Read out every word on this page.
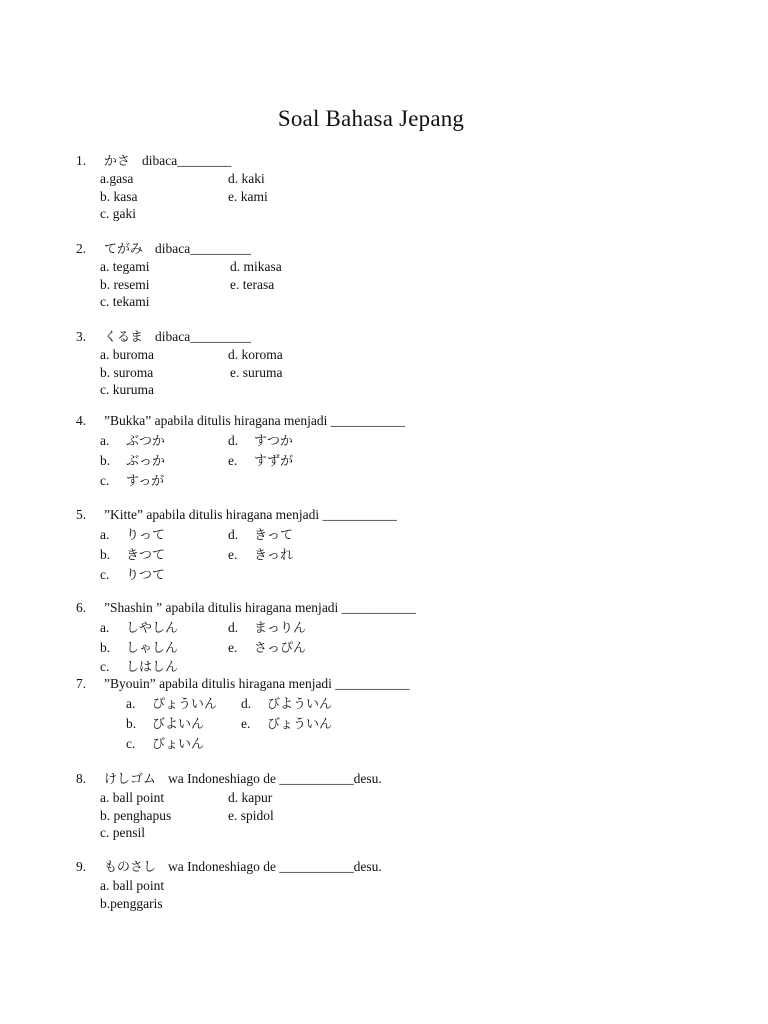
Soal Bahasa Jepang
1. かさ dibaca________
a.gasa	d. kaki
b. kasa	e. kami
c. gaki
2. てがみ dibaca_________
a. tegami	d. mikasa
b. resemi	e. terasa
c. tekami
3. くるま dibaca_________
a. buroma	d. koroma
b. suroma	e. suruma
c. kuruma
4. ”Bukka” apabila ditulis hiragana menjadi ___________
a. ぶつか	d. すつか
b. ぶっか	e. すずが
c. すっが
5. ”Kitte” apabila ditulis hiragana menjadi ___________
a. りって	d. きって
b. きつて	e. きっれ
c. りつて
6. ”Shashin ” apabila ditulis hiragana menjadi ___________
a. しやしん	d. まっりん
b. しゃしん	e. さっぴん
c. しはしん
7. ”Byouin” apabila ditulis hiragana menjadi ___________
a. ぴょういん	d. びよういん
b. びよいん	e. びょういん
c. びょいん
8. けしゴム wa Indoneshiago de ___________desu.
a. ball point	d. kapur
b. penghapus	e. spidol
c. pensil
9. ものさし wa Indoneshiago de ___________desu.
a. ball point
b.penggaris
